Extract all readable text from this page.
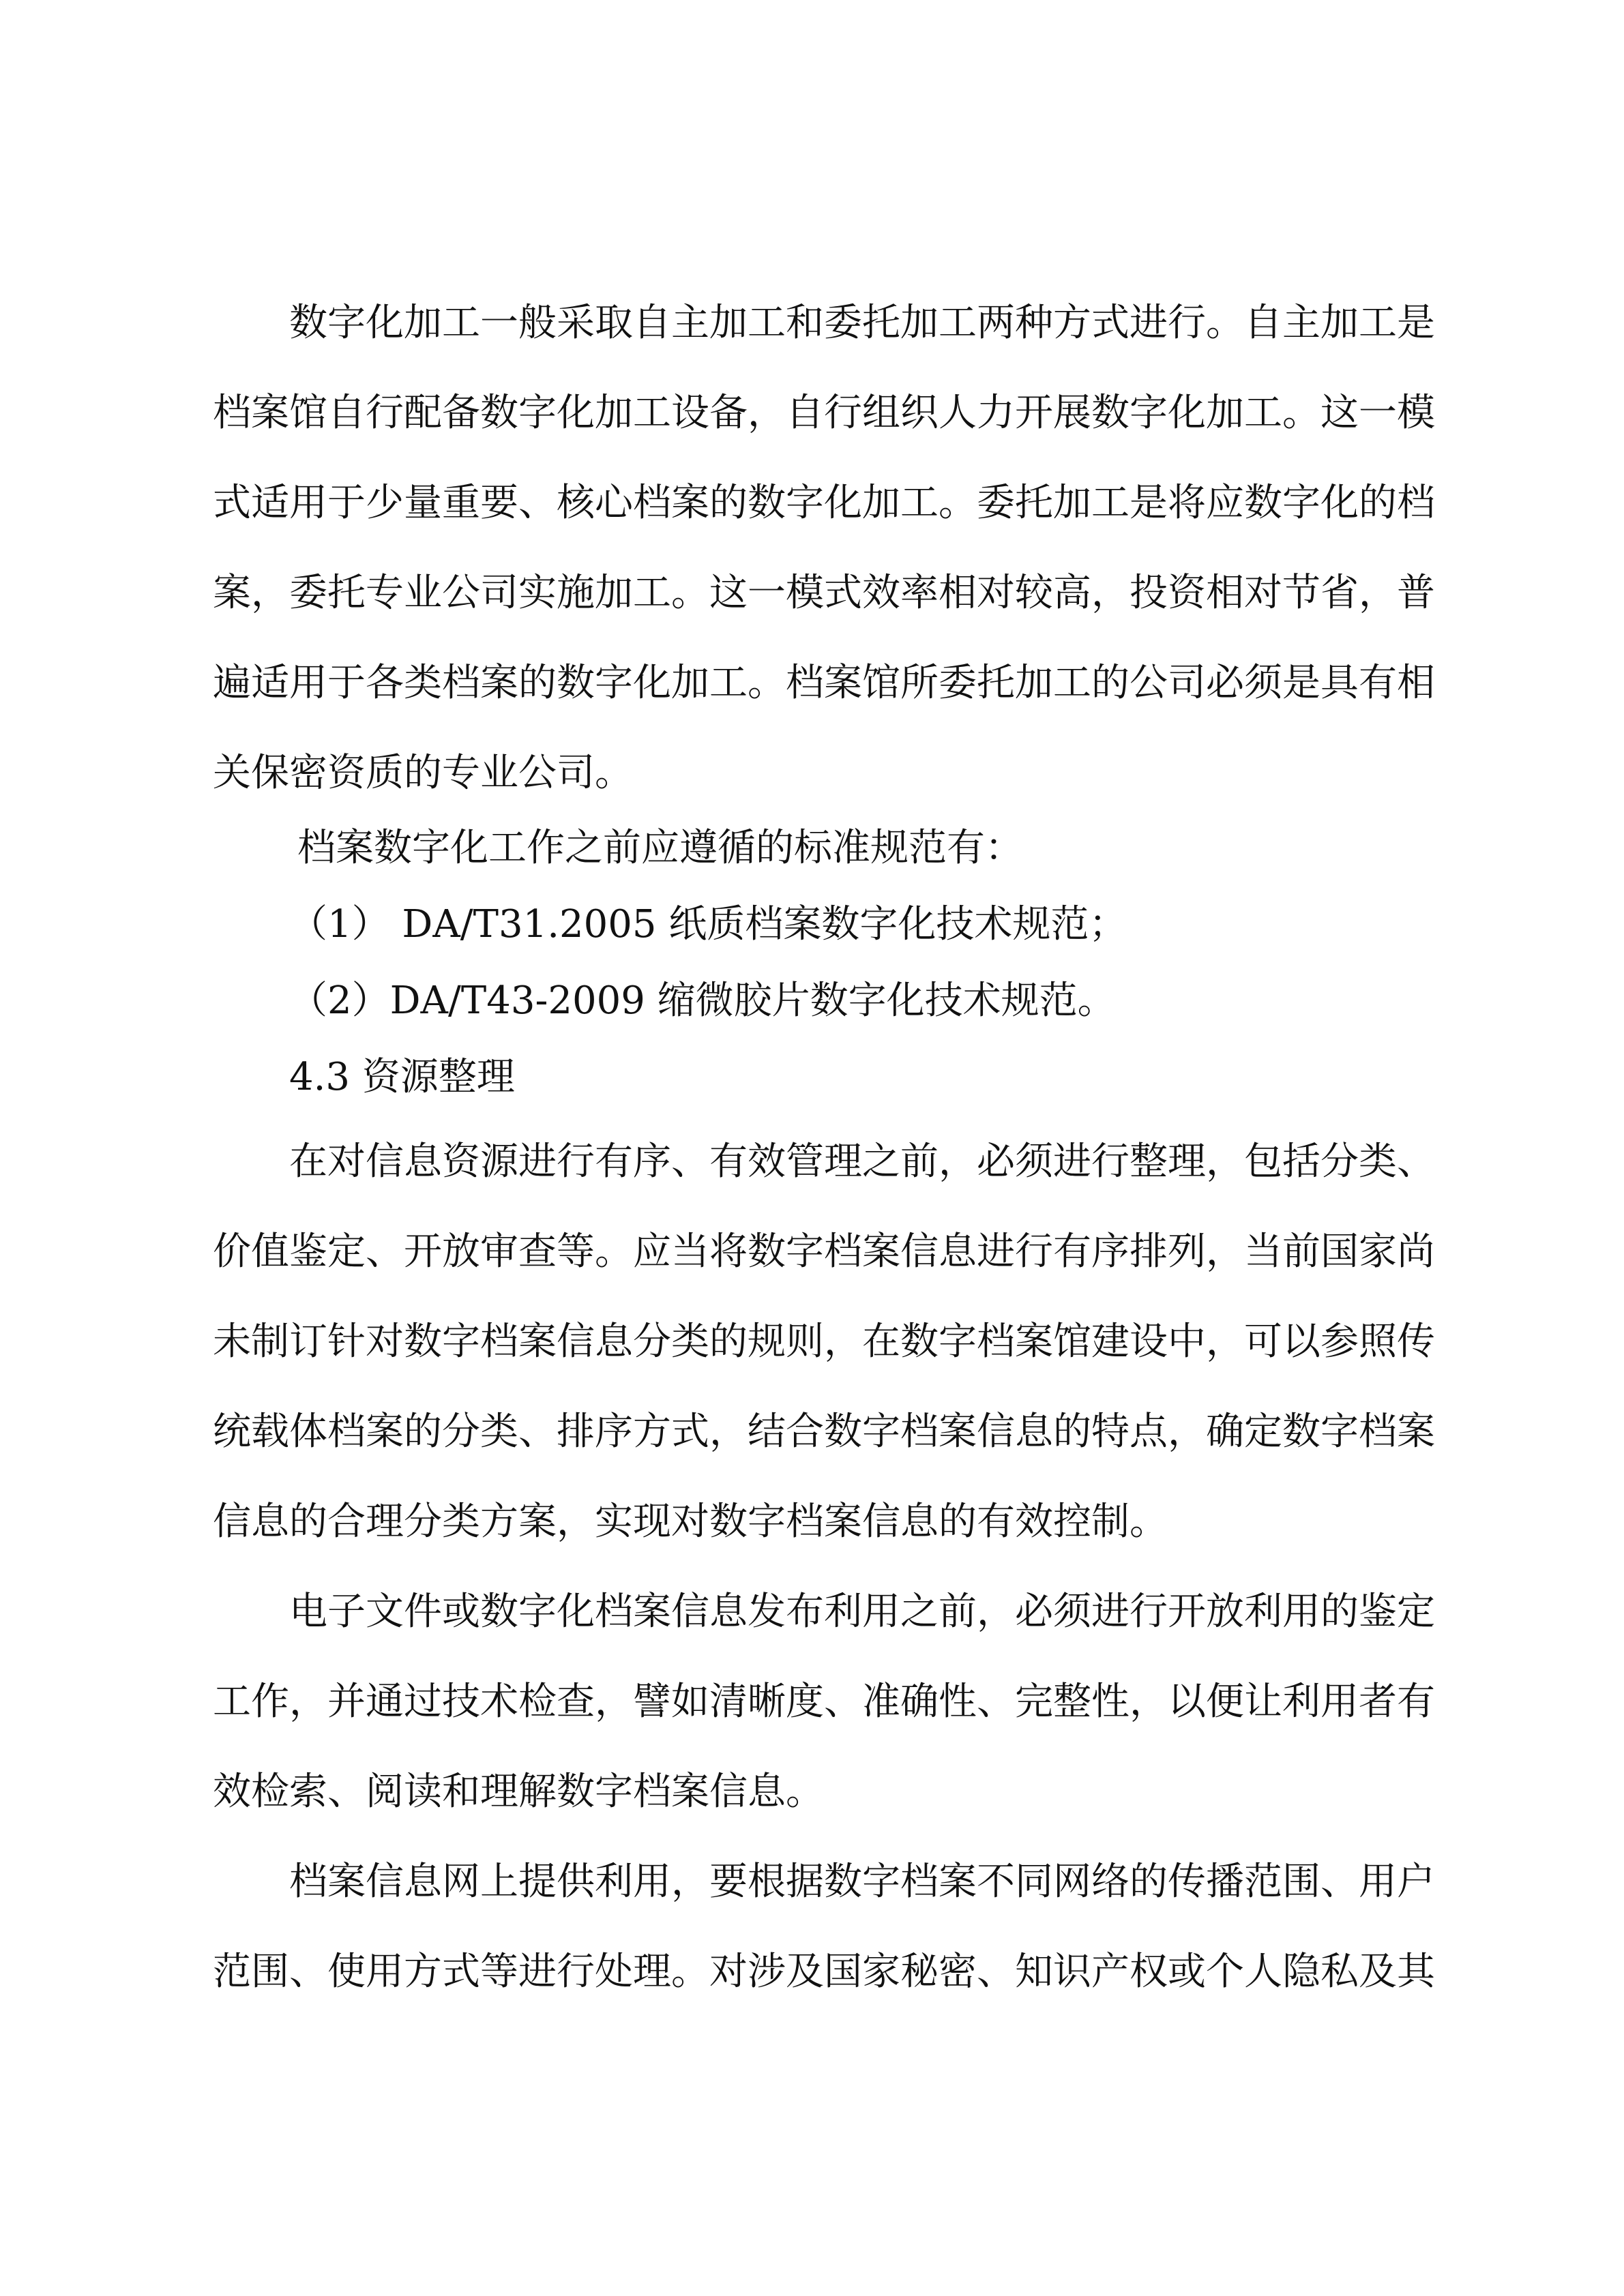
数字化加工一般采取自主加工和委托加工两种方式进行。自主加工是
档案馆自行配备数字化加工设备，自行组织人力开展数字化加工。这一模
式适用于少量重要、核心档案的数字化加工。委托加工是将应数字化的档
案，委托专业公司实施加工。这一模式效率相对较高，投资相对节省，普
遍适用于各类档案的数字化加工。档案馆所委托加工的公司必须是具有相
关保密资质的专业公司。
档案数字化工作之前应遵循的标准规范有：
（1） DA/T31.2005 纸质档案数字化技术规范；
（2）DA/T43-2009 缩微胶片数字化技术规范。
4.3 资源整理
在对信息资源进行有序、有效管理之前，必须进行整理，包括分类、
价值鉴定、开放审查等。应当将数字档案信息进行有序排列，当前国家尚
未制订针对数字档案信息分类的规则，在数字档案馆建设中，可以参照传
统载体档案的分类、排序方式，结合数字档案信息的特点，确定数字档案
信息的合理分类方案，实现对数字档案信息的有效控制。
电子文件或数字化档案信息发布利用之前，必须进行开放利用的鉴定
工作，并通过技术检查，譬如清晰度、准确性、完整性，以便让利用者有
效检索、阅读和理解数字档案信息。
档案信息网上提供利用，要根据数字档案不同网络的传播范围、用户
范围、使用方式等进行处理。对涉及国家秘密、知识产权或个人隐私及其
